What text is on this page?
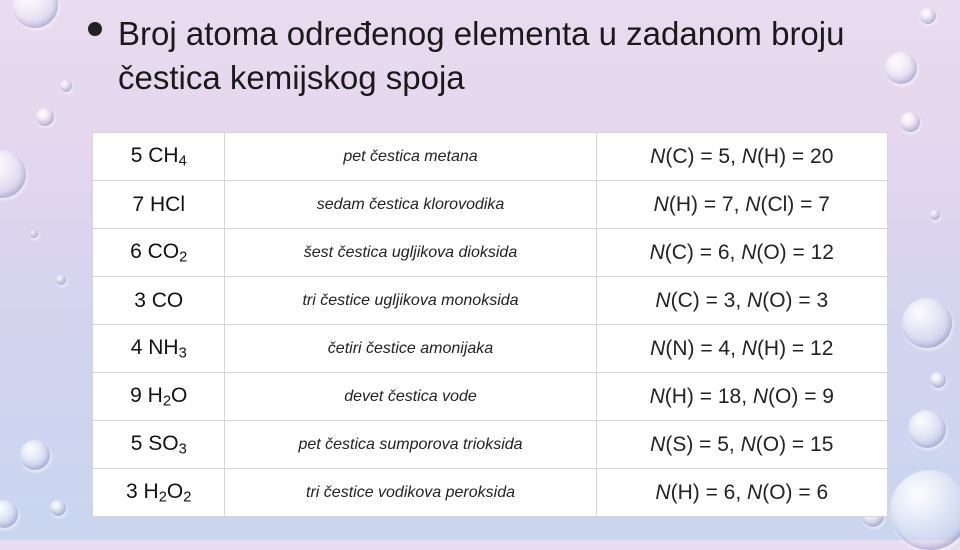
Broj atoma određenog elementa u zadanom broju čestica kemijskog spoja
5 $CH_4$	pet čestica metana	N(C) = 5, N(H) = 20
7 HCl	sedam čestica klorovodika	N(H) = 7, N(Cl) = 7
6 $CO_2$	šest čestica ugljikova dioksida	N(C) = 6, N(O) = 12
3 CO	tri čestice ugljikova monoksida	N(C) = 3, N(O) = 3
4 $NH_3$	četiri čestice amonijaka	N(N) = 4, N(H) = 12
9 $H_2O$	devet čestica vode	N(H) = 18, N(O) = 9
5 $SO_3$	pet čestica sumporova trioksida	N(S) = 5, N(O) = 15
3 $H_2O_2$	tri čestice vodikova peroksida	N(H) = 6, N(O) = 6
